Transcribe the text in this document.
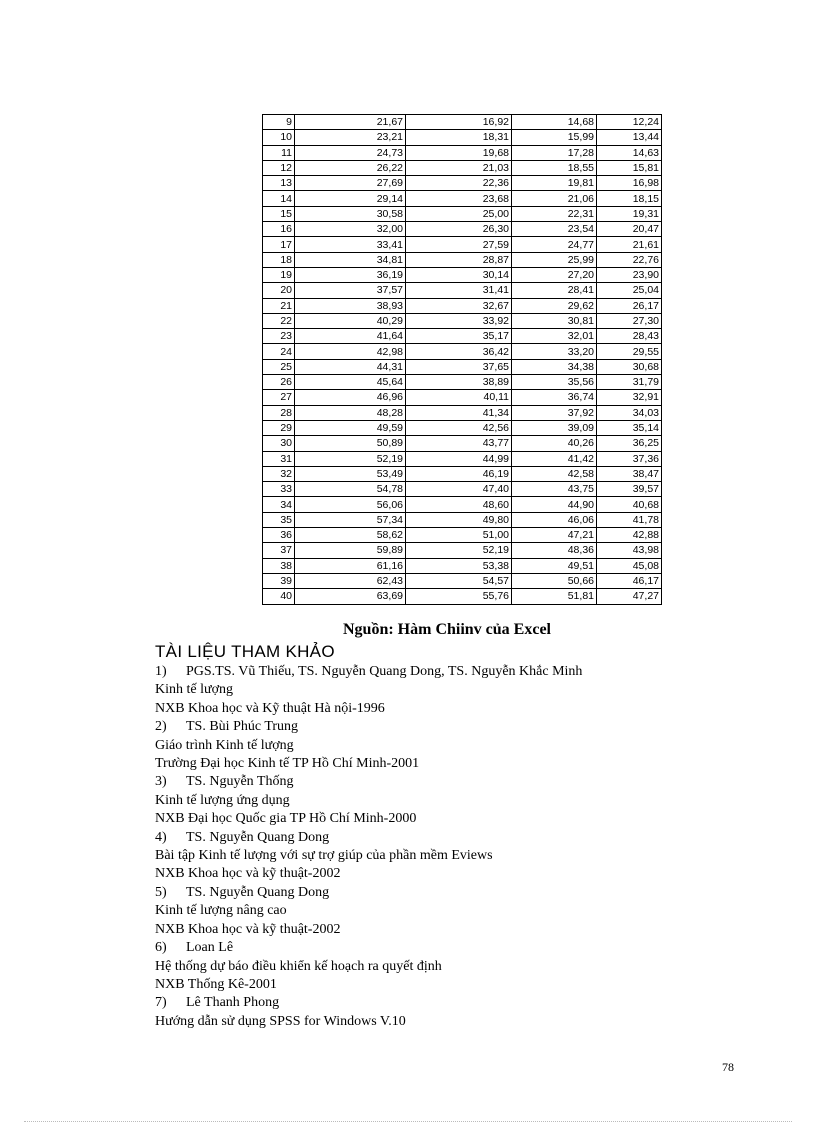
9	21,67	16,92	14,68	12,24
10	23,21	18,31	15,99	13,44
11	24,73	19,68	17,28	14,63
12	26,22	21,03	18,55	15,81
13	27,69	22,36	19,81	16,98
14	29,14	23,68	21,06	18,15
15	30,58	25,00	22,31	19,31
16	32,00	26,30	23,54	20,47
17	33,41	27,59	24,77	21,61
18	34,81	28,87	25,99	22,76
19	36,19	30,14	27,20	23,90
20	37,57	31,41	28,41	25,04
21	38,93	32,67	29,62	26,17
22	40,29	33,92	30,81	27,30
23	41,64	35,17	32,01	28,43
24	42,98	36,42	33,20	29,55
25	44,31	37,65	34,38	30,68
26	45,64	38,89	35,56	31,79
27	46,96	40,11	36,74	32,91
28	48,28	41,34	37,92	34,03
29	49,59	42,56	39,09	35,14
30	50,89	43,77	40,26	36,25
31	52,19	44,99	41,42	37,36
32	53,49	46,19	42,58	38,47
33	54,78	47,40	43,75	39,57
34	56,06	48,60	44,90	40,68
35	57,34	49,80	46,06	41,78
36	58,62	51,00	47,21	42,88
37	59,89	52,19	48,36	43,98
38	61,16	53,38	49,51	45,08
39	62,43	54,57	50,66	46,17
40	63,69	55,76	51,81	47,27
Nguồn: Hàm Chiinv của Excel
TÀI LIỆU THAM KHẢO
1) PGS.TS. Vũ Thiếu, TS. Nguyễn Quang Dong, TS. Nguyễn Khắc Minh
Kinh tế lượng
NXB Khoa học và Kỹ thuật Hà nội-1996
2) TS. Bùi Phúc Trung
Giáo trình Kinh tế lượng
Trường Đại học Kinh tế TP Hồ Chí Minh-2001
3) TS. Nguyễn Thống
Kinh tế lượng ứng dụng
NXB Đại học Quốc gia TP Hồ Chí Minh-2000
4) TS. Nguyễn Quang Dong
Bài tập Kinh tế lượng với sự trợ giúp của phần mềm Eviews
NXB Khoa học và kỹ thuật-2002
5) TS. Nguyễn Quang Dong
Kinh tế lượng nâng cao
NXB Khoa học và kỹ thuật-2002
6) Loan Lê
Hệ thống dự báo điều khiển kế hoạch ra quyết định
NXB Thống Kê-2001
7) Lê Thanh Phong
Hướng dẫn sử dụng SPSS for Windows V.10
78
